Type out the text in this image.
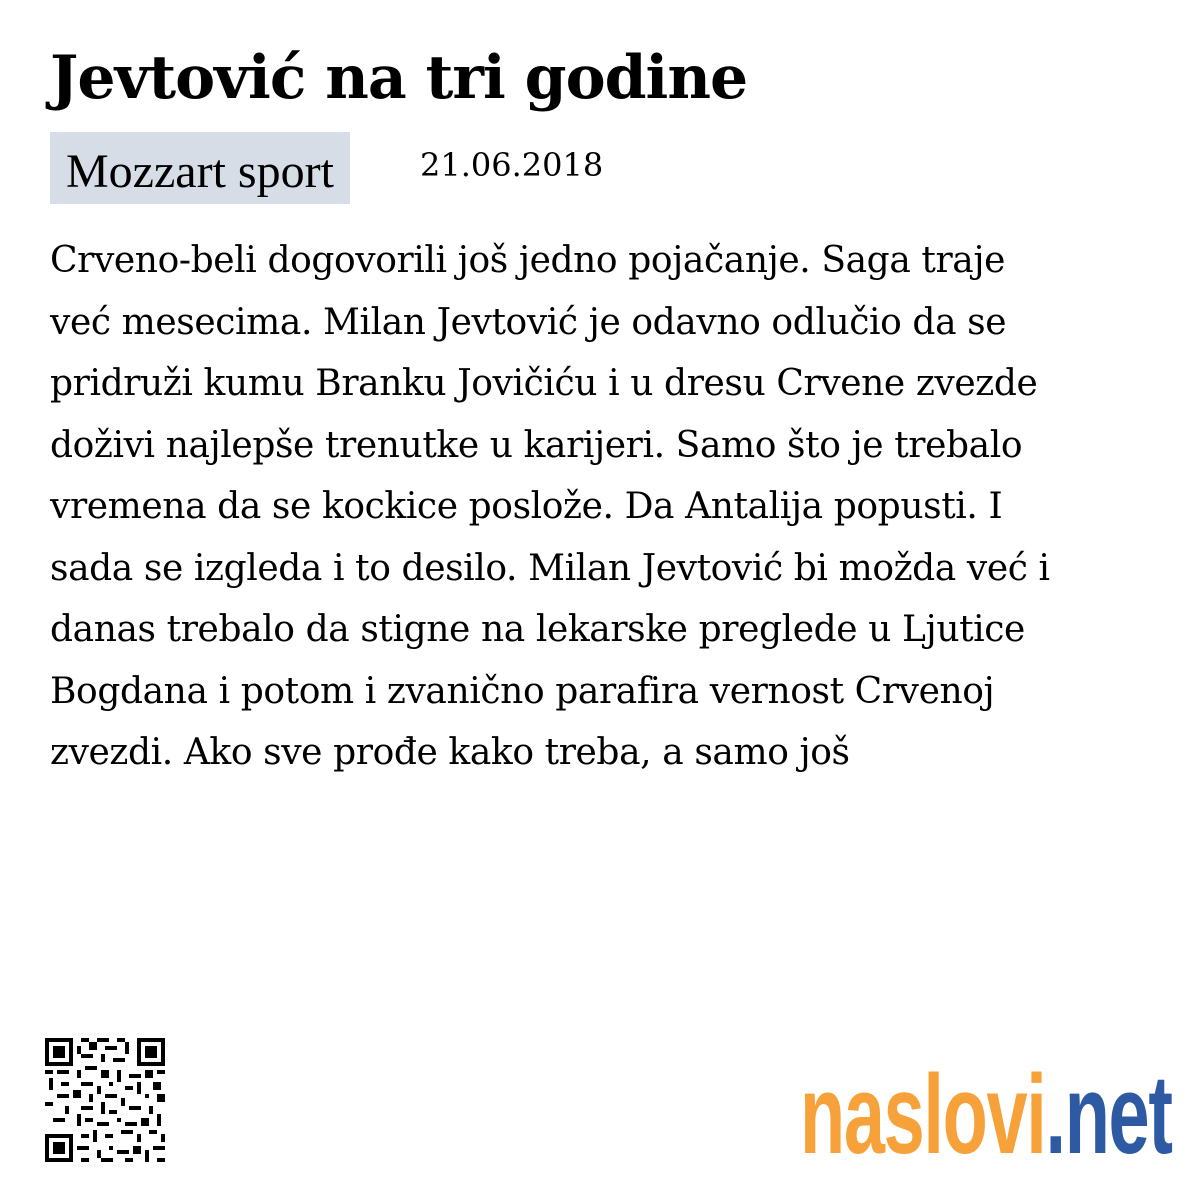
Jevtović na tri godine
Mozzart sport	21.06.2018
Crveno-beli dogovorili još jedno pojačanje. Saga traje
već mesecima. Milan Jevtović je odavno odlučio da se
pridruži kumu Branku Jovičiću i u dresu Crvene zvezde
doživi najlepše trenutke u karijeri. Samo što je trebalo
vremena da se kockice poslože. Da Antalija popusti. I
sada se izgleda i to desilo. Milan Jevtović bi možda već i
danas trebalo da stigne na lekarske preglede u Ljutice
Bogdana i potom i zvanično parafira vernost Crvenoj
zvezdi. Ako sve prođe kako treba, a samo još
naslovi.net
